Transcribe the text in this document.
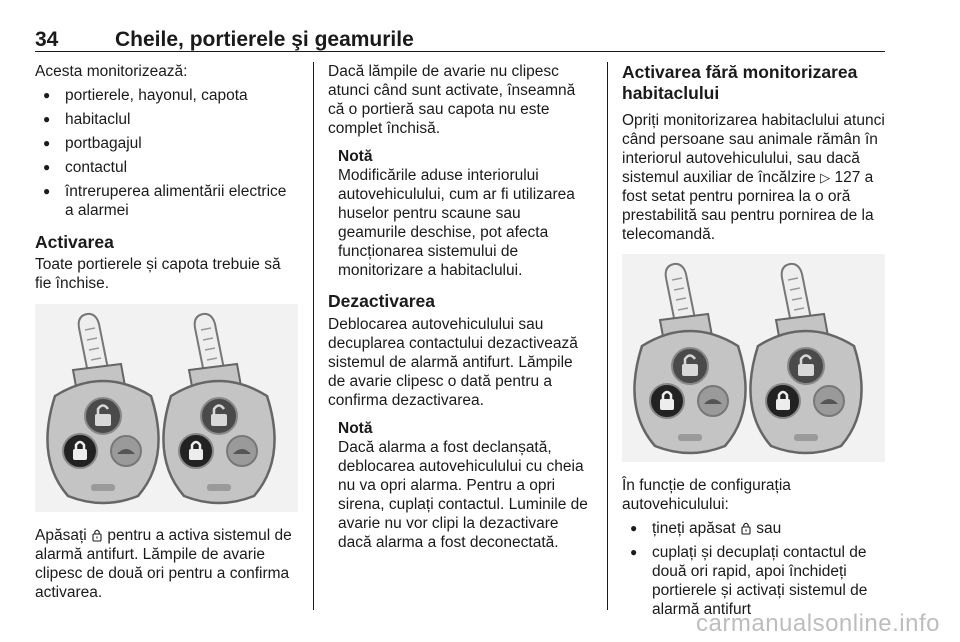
34	Cheile, portierele şi geamurile

Acesta monitorizează:

● portierele, hayonul, capota
● habitaclul
● portbagajul
● contactul
● întreruperea alimentării electrice a alarmei
Activarea

Toate portierele și capota trebuie să fie închise.

Apăsați pentru a activa sistemul de alarmă antifurt. Lămpile de avarie clipesc de două ori pentru a confirma activarea.

Dacă lămpile de avarie nu clipesc atunci când sunt activate, înseamnă că o portieră sau capota nu este complet închisă.

Notă

Modificările aduse interiorului autovehiculului, cum ar fi utilizarea huselor pentru scaune sau geamurile deschise, pot afecta funcționarea sistemului de monitorizare a habitaclului.

Dezactivarea

Deblocarea autovehiculului sau decuplarea contactului dezactivează sistemul de alarmă antifurt. Lămpile de avarie clipesc o dată pentru a confirma dezactivarea.

Notă

Dacă alarma a fost declanșată, deblocarea autovehiculului cu cheia nu va opri alarma. Pentru a opri sirena, cuplați contactul. Luminile de avarie nu vor clipi la dezactivare dacă alarma a fost deconectată.

Activarea fără monitorizarea habitaclului

Opriți monitorizarea habitaclului atunci când persoane sau animale rămân în interiorul autovehiculului, sau dacă sistemul auxiliar de încălzire ▷ 127 a fost setat pentru pornirea la o oră prestabilită sau pentru pornirea de la telecomandă.

În funcție de configurația autovehiculului:

● țineți apăsat sau
● cuplați și decuplați contactul de două ori rapid, apoi închideți portierele și activați sistemul de alarmă antifurt
carmanualsonline.info
